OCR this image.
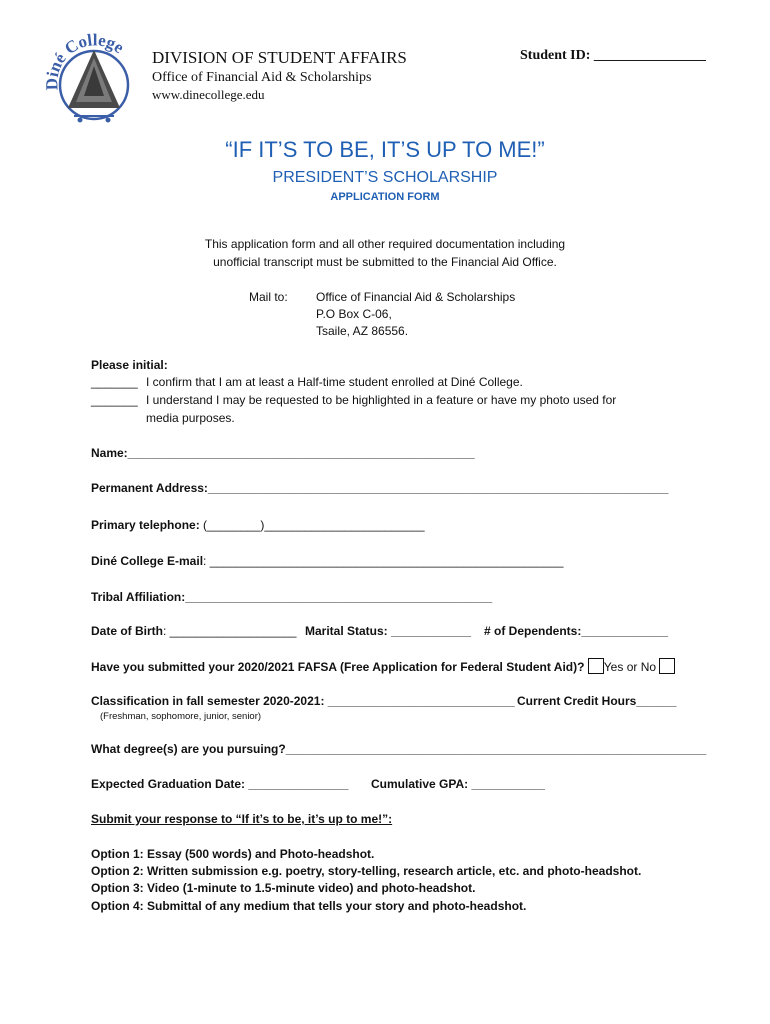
Diné College
DIVISION OF STUDENT AFFAIRS
Office of Financial Aid & Scholarships
www.dinecollege.edu
Student ID: ________________
“IF IT’S TO BE, IT’S UP TO ME!”
PRESIDENT’S SCHOLARSHIP
APPLICATION FORM
This application form and all other required documentation including
unofficial transcript must be submitted to the Financial Aid Office.
Mail to: Office of Financial Aid & Scholarships
P.O Box C-06,
Tsaile, AZ 86556.
Please initial:
_______ I confirm that I am at least a Half-time student enrolled at Diné College.
_______ I understand I may be requested to be highlighted in a feature or have my photo used for
media purposes.
Name:____________________________________________________
Permanent Address:_____________________________________________________________________
Primary telephone: (________)________________________
Diné College E-mail: _____________________________________________________
Tribal Affiliation:______________________________________________
Date of Birth: ___________________ Marital Status: ____________ # of Dependents:_____________
Have you submitted your 2020/2021 FAFSA (Free Application for Federal Student Aid)? Yes or No
Classification in fall semester 2020-2021: ____________________________ Current Credit Hours______
(Freshman, sophomore, junior, senior)
What degree(s) are you pursuing?_______________________________________________________________
Expected Graduation Date: _______________ Cumulative GPA: ___________
Submit your response to “If it’s to be, it’s up to me!”:
Option 1: Essay (500 words) and Photo-headshot.
Option 2: Written submission e.g. poetry, story-telling, research article, etc. and photo-headshot.
Option 3: Video (1-minute to 1.5-minute video) and photo-headshot.
Option 4: Submittal of any medium that tells your story and photo-headshot.
